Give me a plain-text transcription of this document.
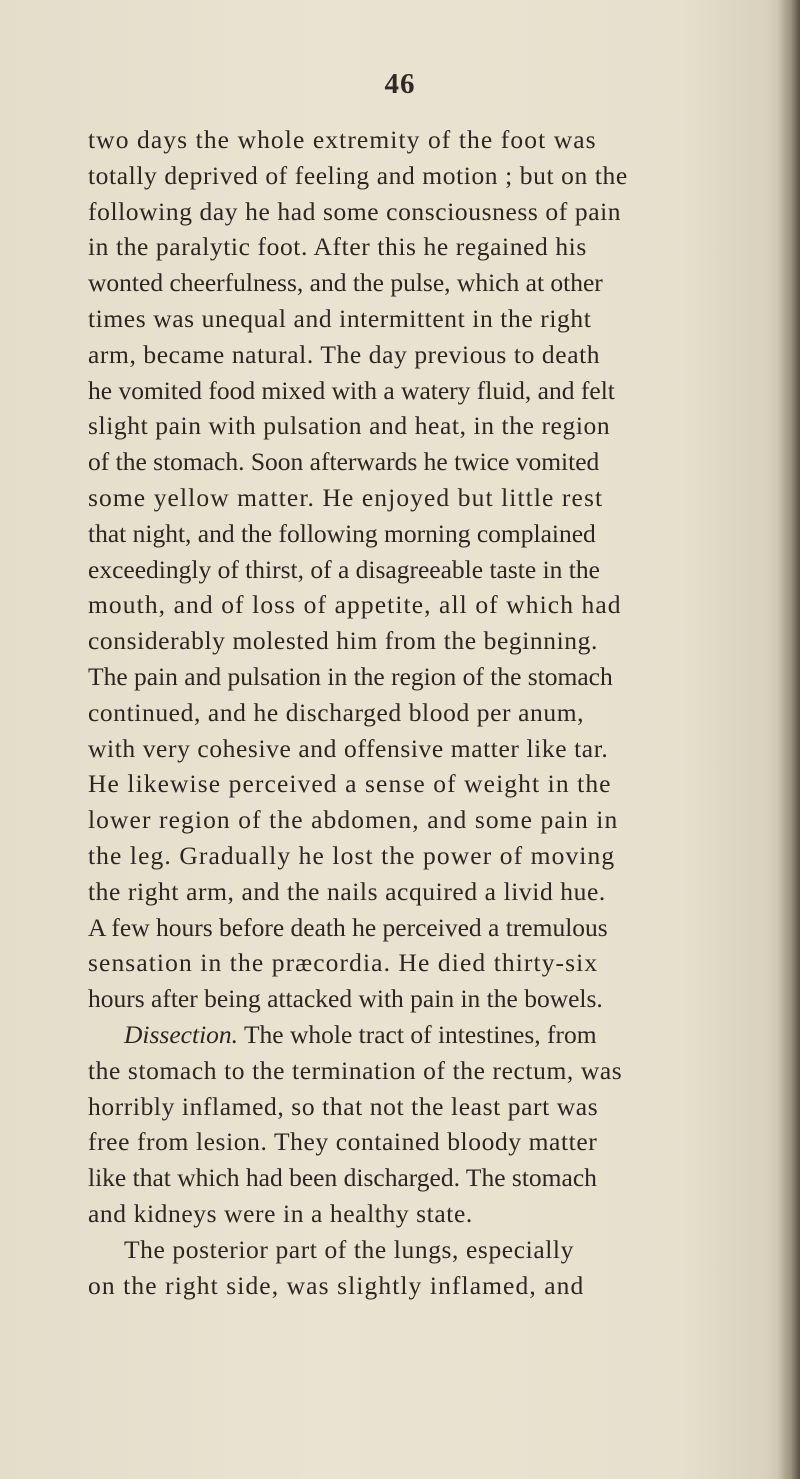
46
two days the whole extremity of the foot was
totally deprived of feeling and motion ; but on the
following day he had some consciousness of pain
in the paralytic foot. After this he regained his
wonted cheerfulness, and the pulse, which at other
times was unequal and intermittent in the right
arm, became natural. The day previous to death
he vomited food mixed with a watery fluid, and felt
slight pain with pulsation and heat, in the region
of the stomach. Soon afterwards he twice vomited
some yellow matter. He enjoyed but little rest
that night, and the following morning complained
exceedingly of thirst, of a disagreeable taste in the
mouth, and of loss of appetite, all of which had
considerably molested him from the beginning.
The pain and pulsation in the region of the stomach
continued, and he discharged blood per anum,
with very cohesive and offensive matter like tar.
He likewise perceived a sense of weight in the
lower region of the abdomen, and some pain in
the leg. Gradually he lost the power of moving
the right arm, and the nails acquired a livid hue.
A few hours before death he perceived a tremulous
sensation in the præcordia. He died thirty-six
hours after being attacked with pain in the bowels.
Dissection. The whole tract of intestines, from
the stomach to the termination of the rectum, was
horribly inflamed, so that not the least part was
free from lesion. They contained bloody matter
like that which had been discharged. The stomach
and kidneys were in a healthy state.
The posterior part of the lungs, especially
on the right side, was slightly inflamed, and
